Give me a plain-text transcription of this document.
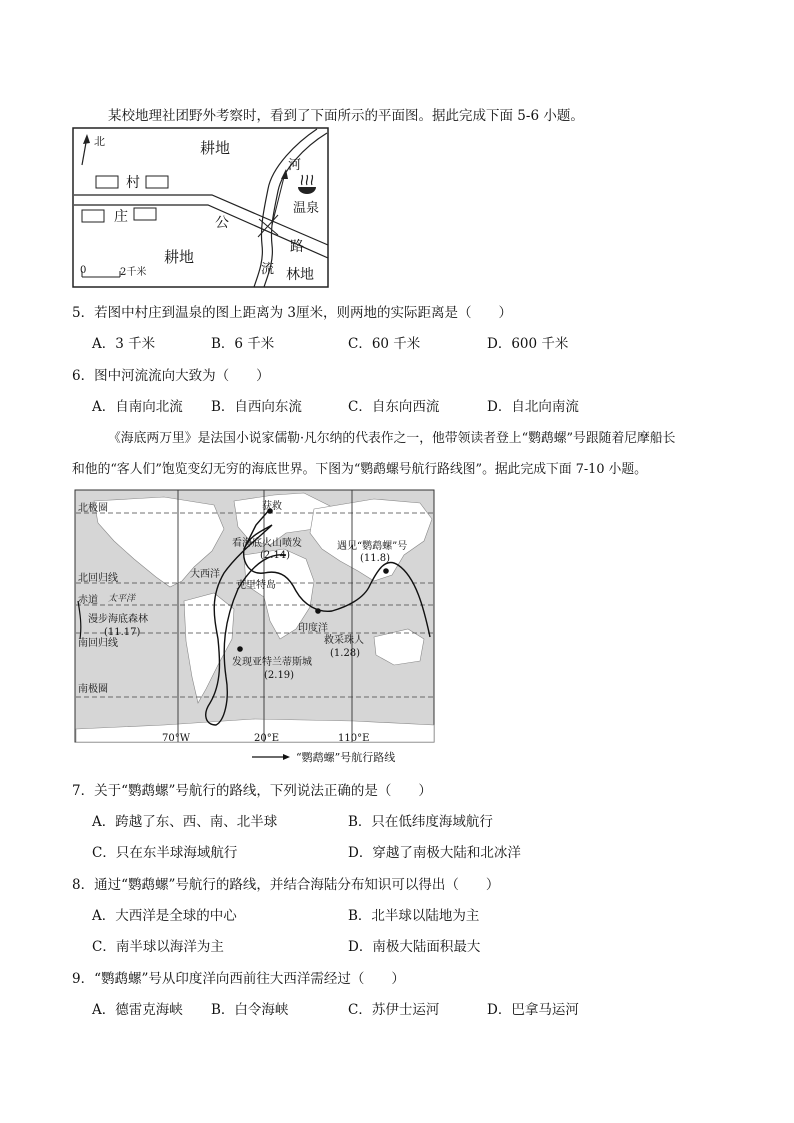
某校地理社团野外考察时，看到了下面所示的平面图。据此完成下面 5-6 小题。
北	耕地
村
庄	公
路
河
流
温泉
耕地
林地
0	2千米
5．若图中村庄到温泉的图上距离为 3厘米，则两地的实际距离是（　　）
A．3 千米	B．6 千米	C．60 千米	D．600 千米
6．图中河流流向大致为（　　）
A．自南向北流 B．自西向东流	C．自东向西流	D．自北向南流
《海底两万里》是法国小说家儒勒·凡尔纳的代表作之一，他带领读者登上“鹦鹉螺”号跟随着尼摩船长
和他的“客人们”饱览变幻无穷的海底世界。下图为“鹦鹉螺号航行路线图”。据此完成下面 7-10 小题。
北极圈
北回归线
赤道
南回归线
南极圈
获救
看海底火山喷发
(2.14)
遇见“鹦鹉螺”号
(11.8)
大西洋
克里特岛
太平洋
漫步海底森林
(11.17)	印度洋
救采珠人
(1.28)
发现亚特兰蒂斯城
(2.19)
70°W	20°E	110°E
“鹦鹉螺”号航行路线
7．关于“鹦鹉螺”号航行的路线，下列说法正确的是（　　）
A．跨越了东、西、南、北半球	B．只在低纬度海域航行
C．只在东半球海域航行	D．穿越了南极大陆和北冰洋
8．通过“鹦鹉螺”号航行的路线，并结合海陆分布知识可以得出（　　）
A．大西洋是全球的中心	B．北半球以陆地为主
C．南半球以海洋为主	D．南极大陆面积最大
9．“鹦鹉螺”号从印度洋向西前往大西洋需经过（　　）
A．德雷克海峡 B．白令海峡	C．苏伊士运河	D．巴拿马运河
